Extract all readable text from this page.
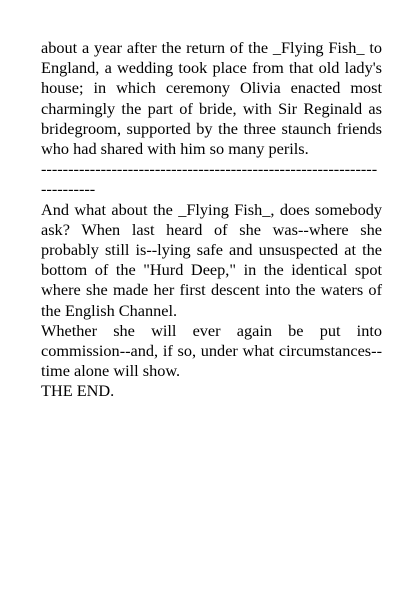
about a year after the return of the _Flying Fish_ to England, a wedding took place from that old lady's house; in which ceremony Olivia enacted most charmingly the part of bride, with Sir Reginald as bridegroom, supported by the three staunch friends who had shared with him so many perils.

------------------------------------------------------------------------

And what about the _Flying Fish_, does somebody ask? When last heard of she was--where she probably still is--lying safe and unsuspected at the bottom of the "Hurd Deep," in the identical spot where she made her first descent into the waters of the English Channel.

Whether she will ever again be put into commission--and, if so, under what circumstances--time alone will show.

THE END.
